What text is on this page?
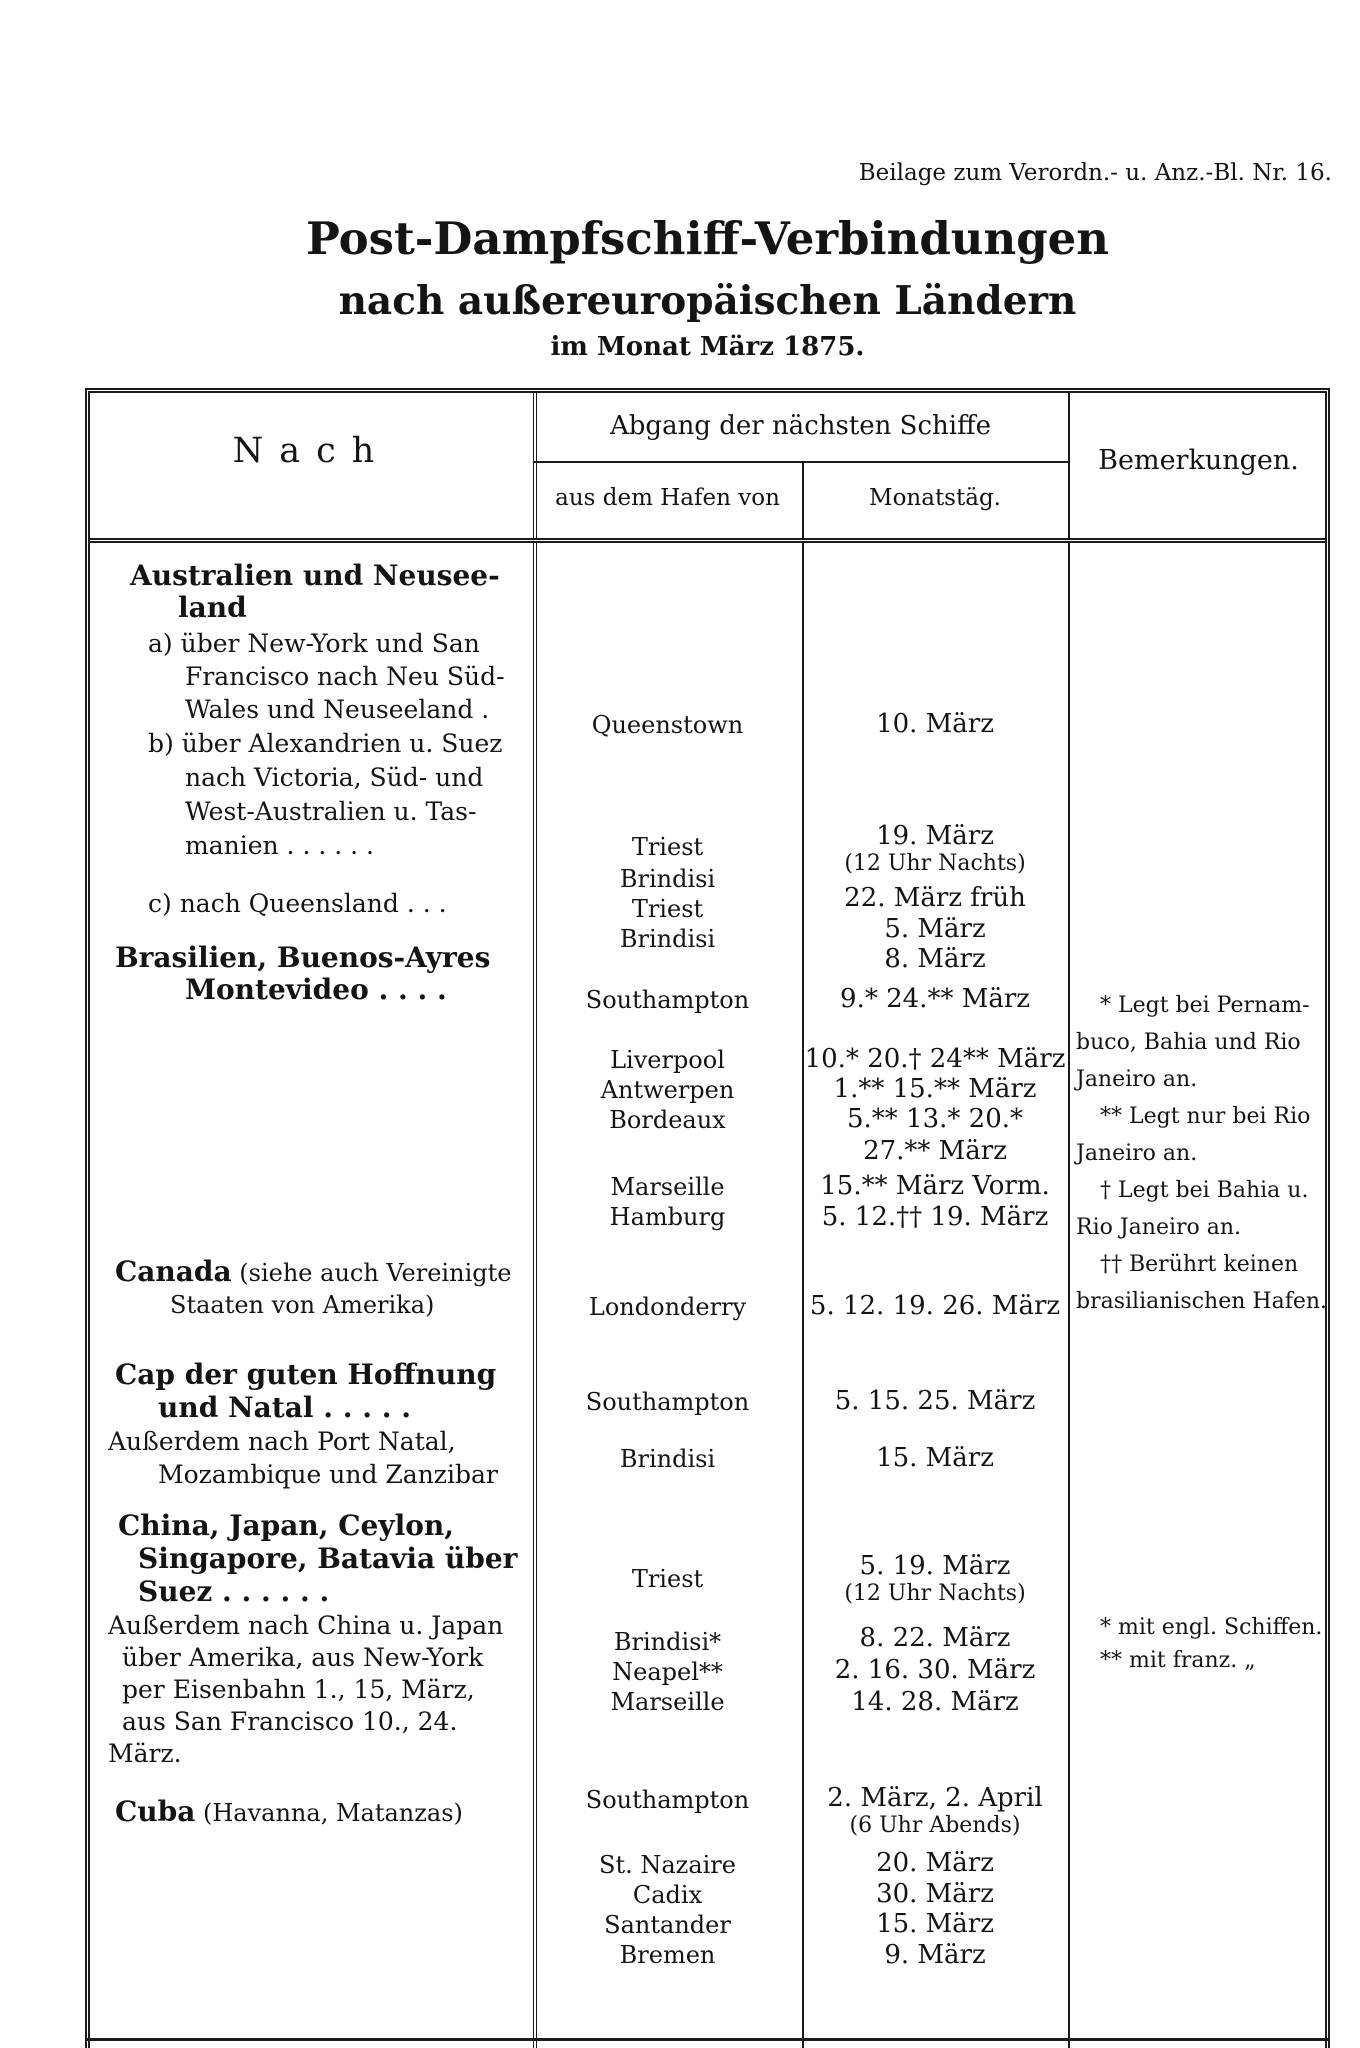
Beilage zum Verordn.- u. Anz.-Bl. Nr. 16.
Post-Dampfschiff-Verbindungen
nach außereuropäischen Ländern
im Monat März 1875.
Nach
Abgang der nächsten Schiffe
aus dem Hafen von	Monatstäg.
Bemerkungen.
Australien und Neusee-
land
a) über New-York und San
Francisco nach Neu Süd-
Wales und Neuseeland .
b) über Alexandrien u. Suez
nach Victoria, Süd- und
West-Australien u. Tas-
manien . . . . . .
c) nach Queensland . . .
Brasilien, Buenos-Ayres
Montevideo . . . .
Canada (siehe auch Vereinigte
Staaten von Amerika)
Cap der guten Hoffnung
und Natal . . . . .
Außerdem nach Port Natal,
Mozambique und Zanzibar
China, Japan, Ceylon,
Singapore, Batavia über
Suez . . . . . .
Außerdem nach China u. Japan
über Amerika, aus New-York
per Eisenbahn 1., 15, März,
aus San Francisco 10., 24.
März.
Cuba (Havanna, Matanzas)
Queenstown
Triest
Brindisi
Triest
Brindisi
Southampton
Liverpool
Antwerpen
Bordeaux
Marseille
Hamburg
Londonderry
Southampton
Brindisi
Triest
Brindisi*
Neapel**
Marseille
Southampton
St. Nazaire
Cadix
Santander
Bremen
10. März
19. März
(12 Uhr Nachts)
22. März früh
5. März
8. März
9.* 24.** März
10.* 20.† 24** März
1.** 15.** März
5.** 13.* 20.*
27.** März
15.** März Vorm.
5. 12.†† 19. März
5. 12. 19. 26. März
5. 15. 25. März
15. März
5. 19. März
(12 Uhr Nachts)
8. 22. März
2. 16. 30. März
14. 28. März
2. März, 2. April
(6 Uhr Abends)
20. März
30. März
15. März
9. März
* Legt bei Pernam-
buco, Bahia und Rio
Janeiro an.
** Legt nur bei Rio
Janeiro an.
† Legt bei Bahia u.
Rio Janeiro an.
†† Berührt keinen
brasilianischen Hafen.
* mit engl. Schiffen.
** mit franz. „
